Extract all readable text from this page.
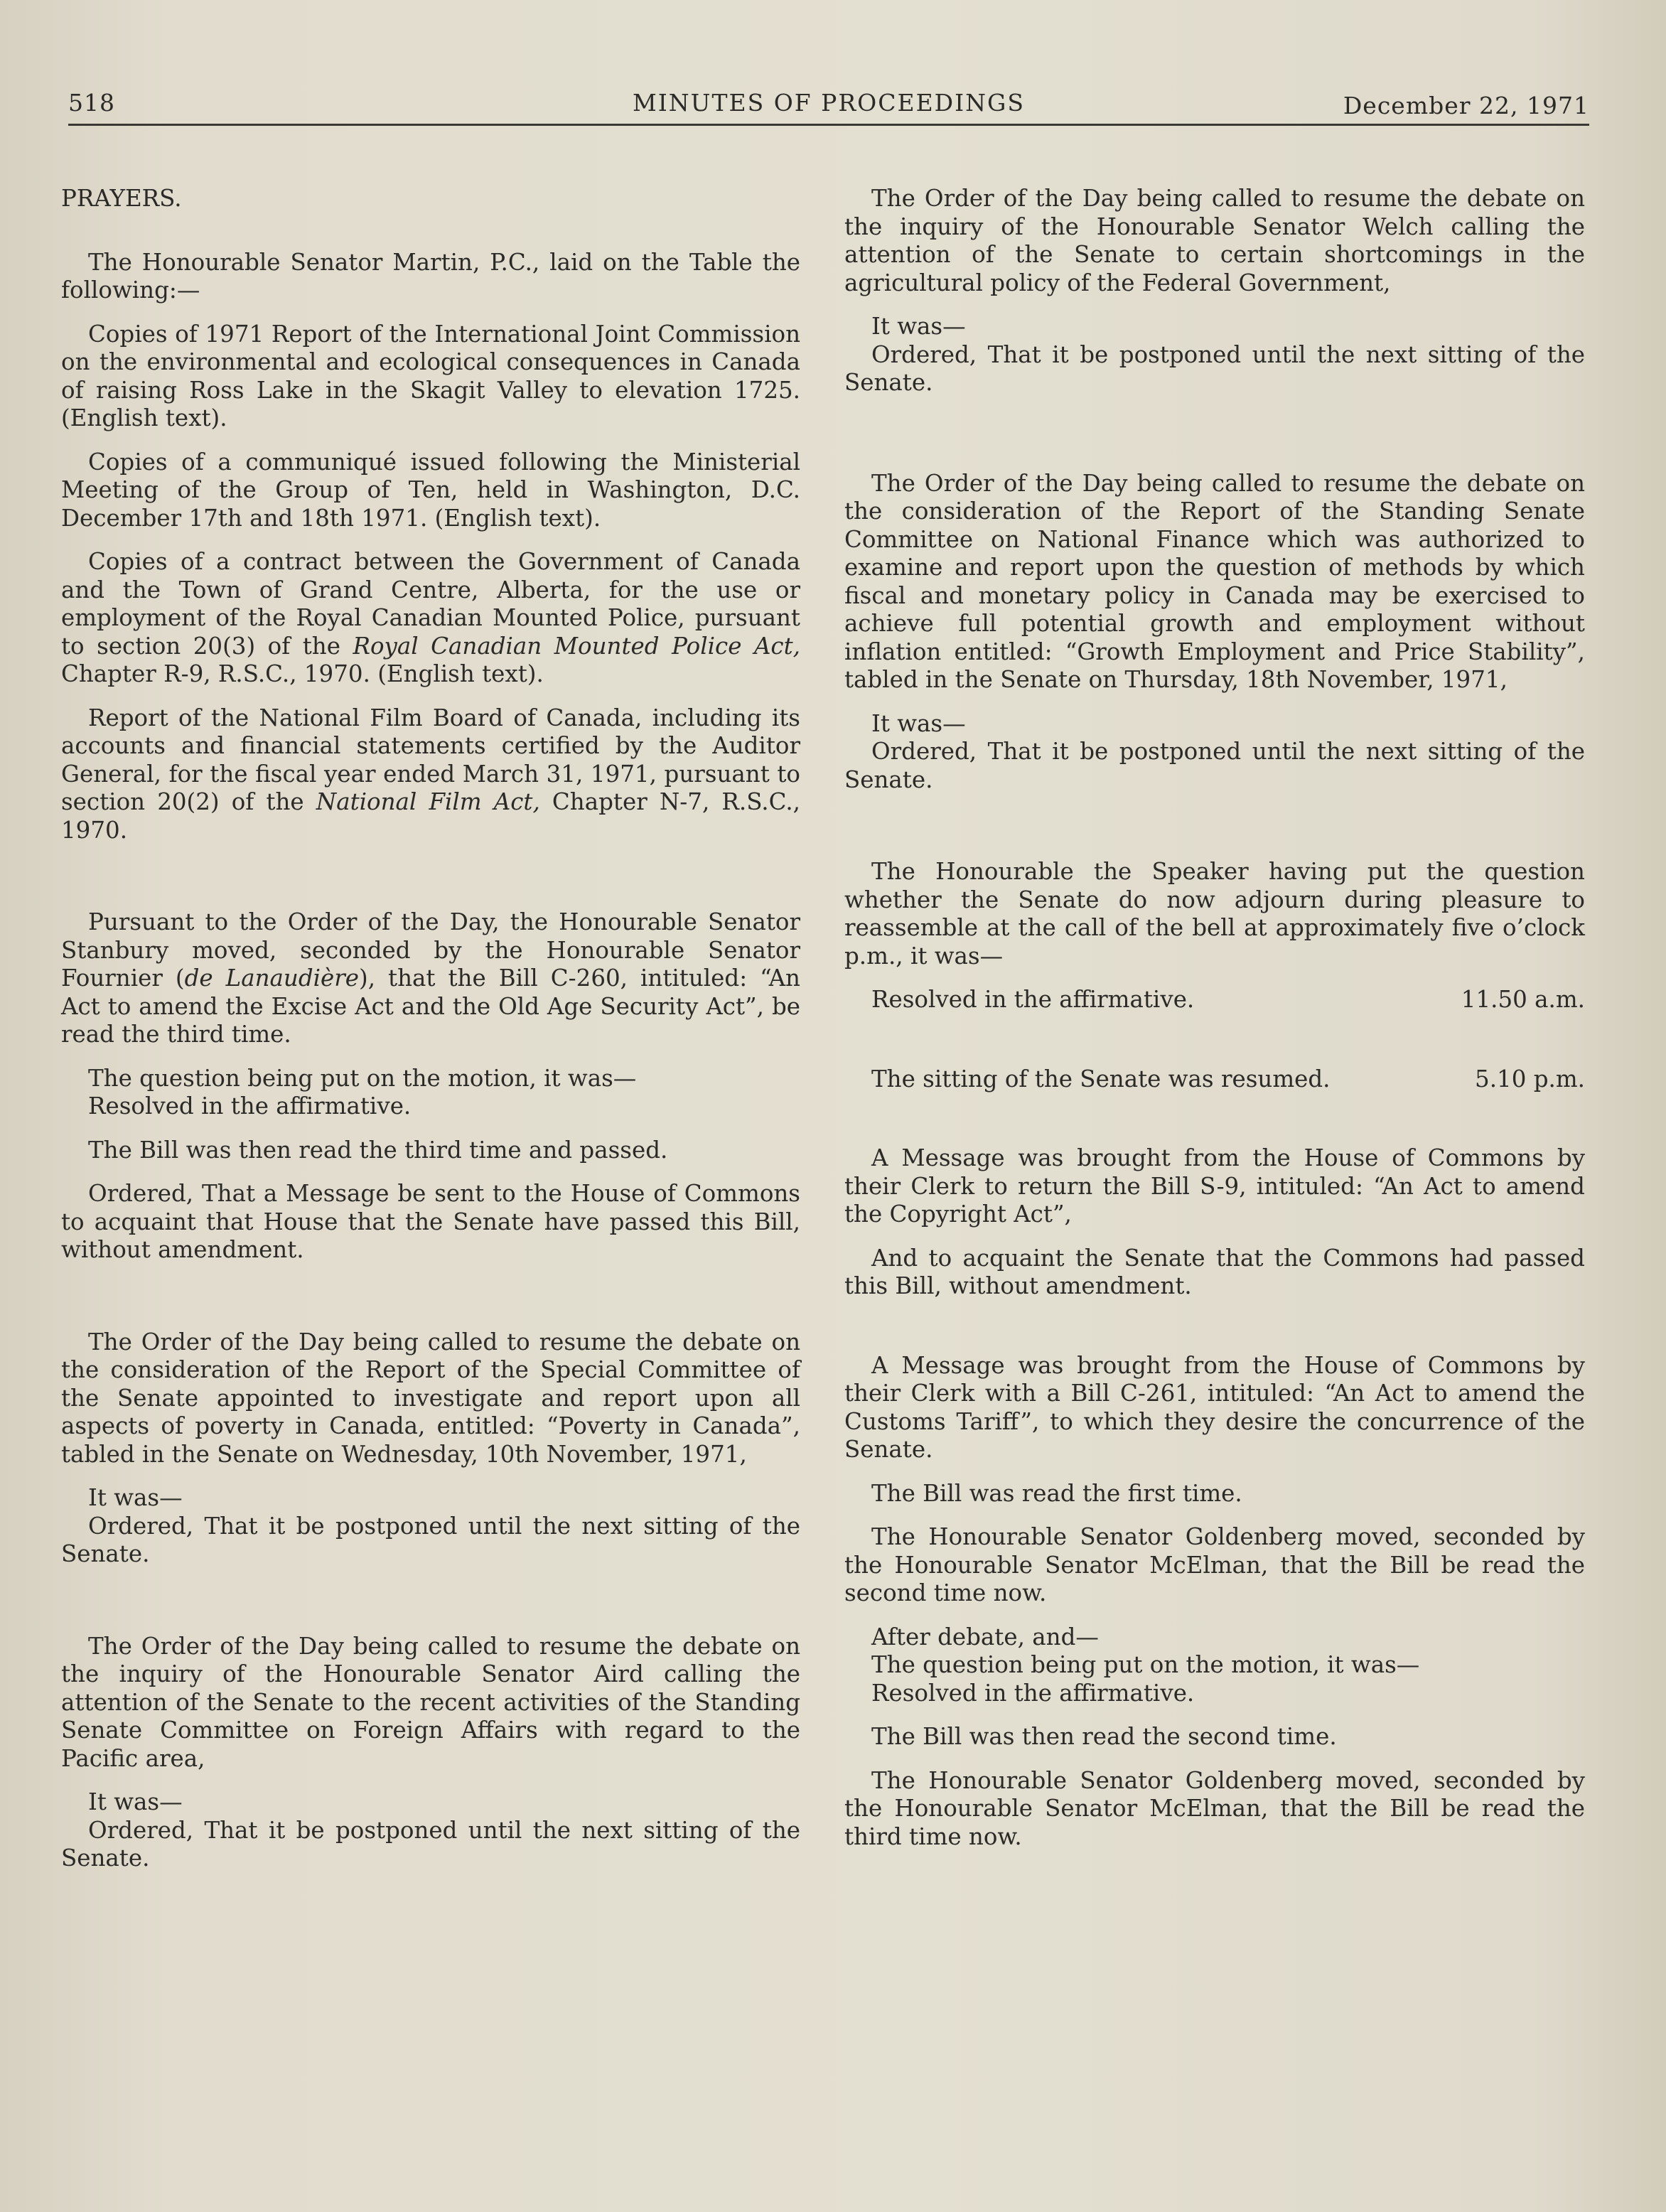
518	MINUTES OF PROCEEDINGS	December 22, 1971

PRAYERS.

The Honourable Senator Martin, P.C., laid on the Table the following:—

Copies of 1971 Report of the International Joint Commission on the environmental and ecological consequences in Canada of raising Ross Lake in the Skagit Valley to elevation 1725. (English text).

Copies of a communiqué issued following the Ministerial Meeting of the Group of Ten, held in Washington, D.C. December 17th and 18th 1971. (English text).

Copies of a contract between the Government of Canada and the Town of Grand Centre, Alberta, for the use or employment of the Royal Canadian Mounted Police, pursuant to section 20(3) of the Royal Canadian Mounted Police Act, Chapter R-9, R.S.C., 1970. (English text).

Report of the National Film Board of Canada, including its accounts and financial statements certified by the Auditor General, for the fiscal year ended March 31, 1971, pursuant to section 20(2) of the National Film Act, Chapter N-7, R.S.C., 1970.

Pursuant to the Order of the Day, the Honourable Senator Stanbury moved, seconded by the Honourable Senator Fournier (de Lanaudière), that the Bill C-260, intituled: “An Act to amend the Excise Act and the Old Age Security Act”, be read the third time.

The question being put on the motion, it was—
Resolved in the affirmative.

The Bill was then read the third time and passed.

Ordered, That a Message be sent to the House of Commons to acquaint that House that the Senate have passed this Bill, without amendment.

The Order of the Day being called to resume the debate on the consideration of the Report of the Special Committee of the Senate appointed to investigate and report upon all aspects of poverty in Canada, entitled: “Poverty in Canada”, tabled in the Senate on Wednesday, 10th November, 1971,

It was—
Ordered, That it be postponed until the next sitting of the Senate.

The Order of the Day being called to resume the debate on the inquiry of the Honourable Senator Aird calling the attention of the Senate to the recent activities of the Standing Senate Committee on Foreign Affairs with regard to the Pacific area,

It was—
Ordered, That it be postponed until the next sitting of the Senate.

The Order of the Day being called to resume the debate on the inquiry of the Honourable Senator Welch calling the attention of the Senate to certain shortcomings in the agricultural policy of the Federal Government,

It was—
Ordered, That it be postponed until the next sitting of the Senate.

The Order of the Day being called to resume the debate on the consideration of the Report of the Standing Senate Committee on National Finance which was authorized to examine and report upon the question of methods by which fiscal and monetary policy in Canada may be exercised to achieve full potential growth and employment without inflation entitled: “Growth Employment and Price Stability”, tabled in the Senate on Thursday, 18th November, 1971,

It was—
Ordered, That it be postponed until the next sitting of the Senate.

The Honourable the Speaker having put the question whether the Senate do now adjourn during pleasure to reassemble at the call of the bell at approximately five o’clock p.m., it was—

Resolved in the affirmative.	11.50 a.m.
The sitting of the Senate was resumed.	5.10 p.m.

A Message was brought from the House of Commons by their Clerk to return the Bill S-9, intituled: “An Act to amend the Copyright Act”,

And to acquaint the Senate that the Commons had passed this Bill, without amendment.

A Message was brought from the House of Commons by their Clerk with a Bill C-261, intituled: “An Act to amend the Customs Tariff”, to which they desire the concurrence of the Senate.

The Bill was read the first time.

The Honourable Senator Goldenberg moved, seconded by the Honourable Senator McElman, that the Bill be read the second time now.

After debate, and—
The question being put on the motion, it was—
Resolved in the affirmative.

The Bill was then read the second time.

The Honourable Senator Goldenberg moved, seconded by the Honourable Senator McElman, that the Bill be read the third time now.
